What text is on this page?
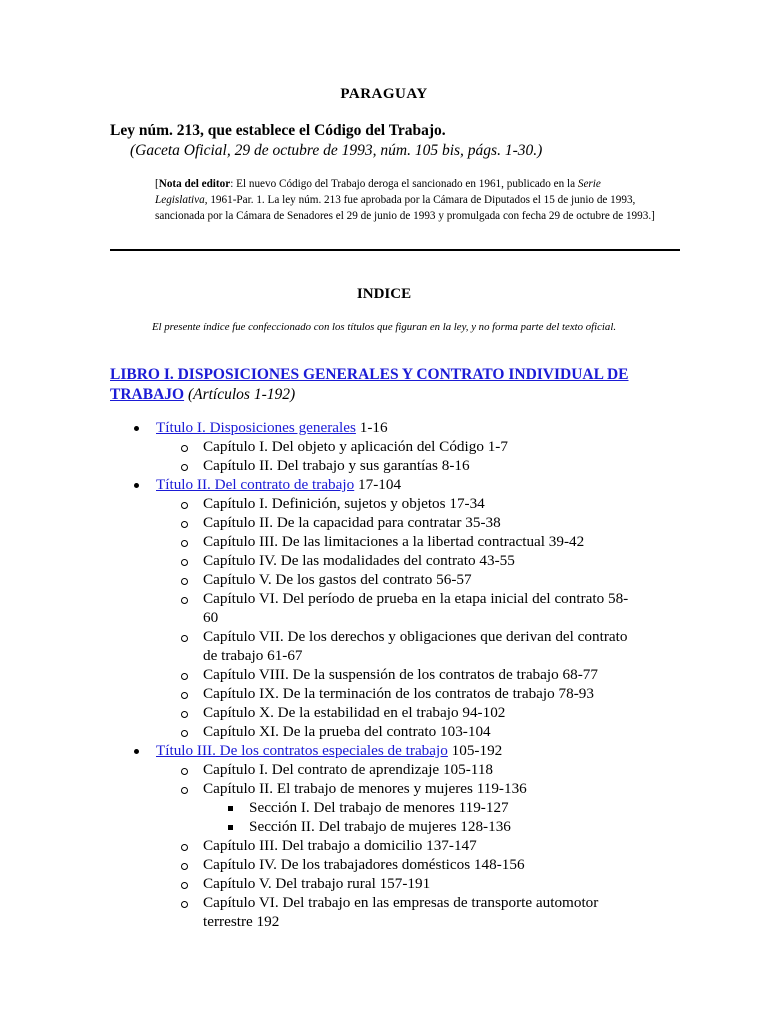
PARAGUAY
Ley núm. 213, que establece el Código del Trabajo.
(Gaceta Oficial, 29 de octubre de 1993, núm. 105 bis, págs. 1-30.)
[Nota del editor: El nuevo Código del Trabajo deroga el sancionado en 1961, publicado en la Serie Legislativa, 1961-Par. 1. La ley núm. 213 fue aprobada por la Cámara de Diputados el 15 de junio de 1993, sancionada por la Cámara de Senadores el 29 de junio de 1993 y promulgada con fecha 29 de octubre de 1993.]
INDICE
El presente índice fue confeccionado con los títulos que figuran en la ley, y no forma parte del texto oficial.
LIBRO I. DISPOSICIONES GENERALES Y CONTRATO INDIVIDUAL DE TRABAJO (Artículos 1-192)
Título I. Disposiciones generales 1-16
Capítulo I. Del objeto y aplicación del Código 1-7
Capítulo II. Del trabajo y sus garantías 8-16
Título II. Del contrato de trabajo 17-104
Capítulo I. Definición, sujetos y objetos 17-34
Capítulo II. De la capacidad para contratar 35-38
Capítulo III. De las limitaciones a la libertad contractual 39-42
Capítulo IV. De las modalidades del contrato 43-55
Capítulo V. De los gastos del contrato 56-57
Capítulo VI. Del período de prueba en la etapa inicial del contrato 58-60
Capítulo VII. De los derechos y obligaciones que derivan del contrato de trabajo 61-67
Capítulo VIII. De la suspensión de los contratos de trabajo 68-77
Capítulo IX. De la terminación de los contratos de trabajo 78-93
Capítulo X. De la estabilidad en el trabajo 94-102
Capítulo XI. De la prueba del contrato 103-104
Título III. De los contratos especiales de trabajo 105-192
Capítulo I. Del contrato de aprendizaje 105-118
Capítulo II. El trabajo de menores y mujeres 119-136
Sección I. Del trabajo de menores 119-127
Sección II. Del trabajo de mujeres 128-136
Capítulo III. Del trabajo a domicilio 137-147
Capítulo IV. De los trabajadores domésticos 148-156
Capítulo V. Del trabajo rural 157-191
Capítulo VI. Del trabajo en las empresas de transporte automotor terrestre 192
